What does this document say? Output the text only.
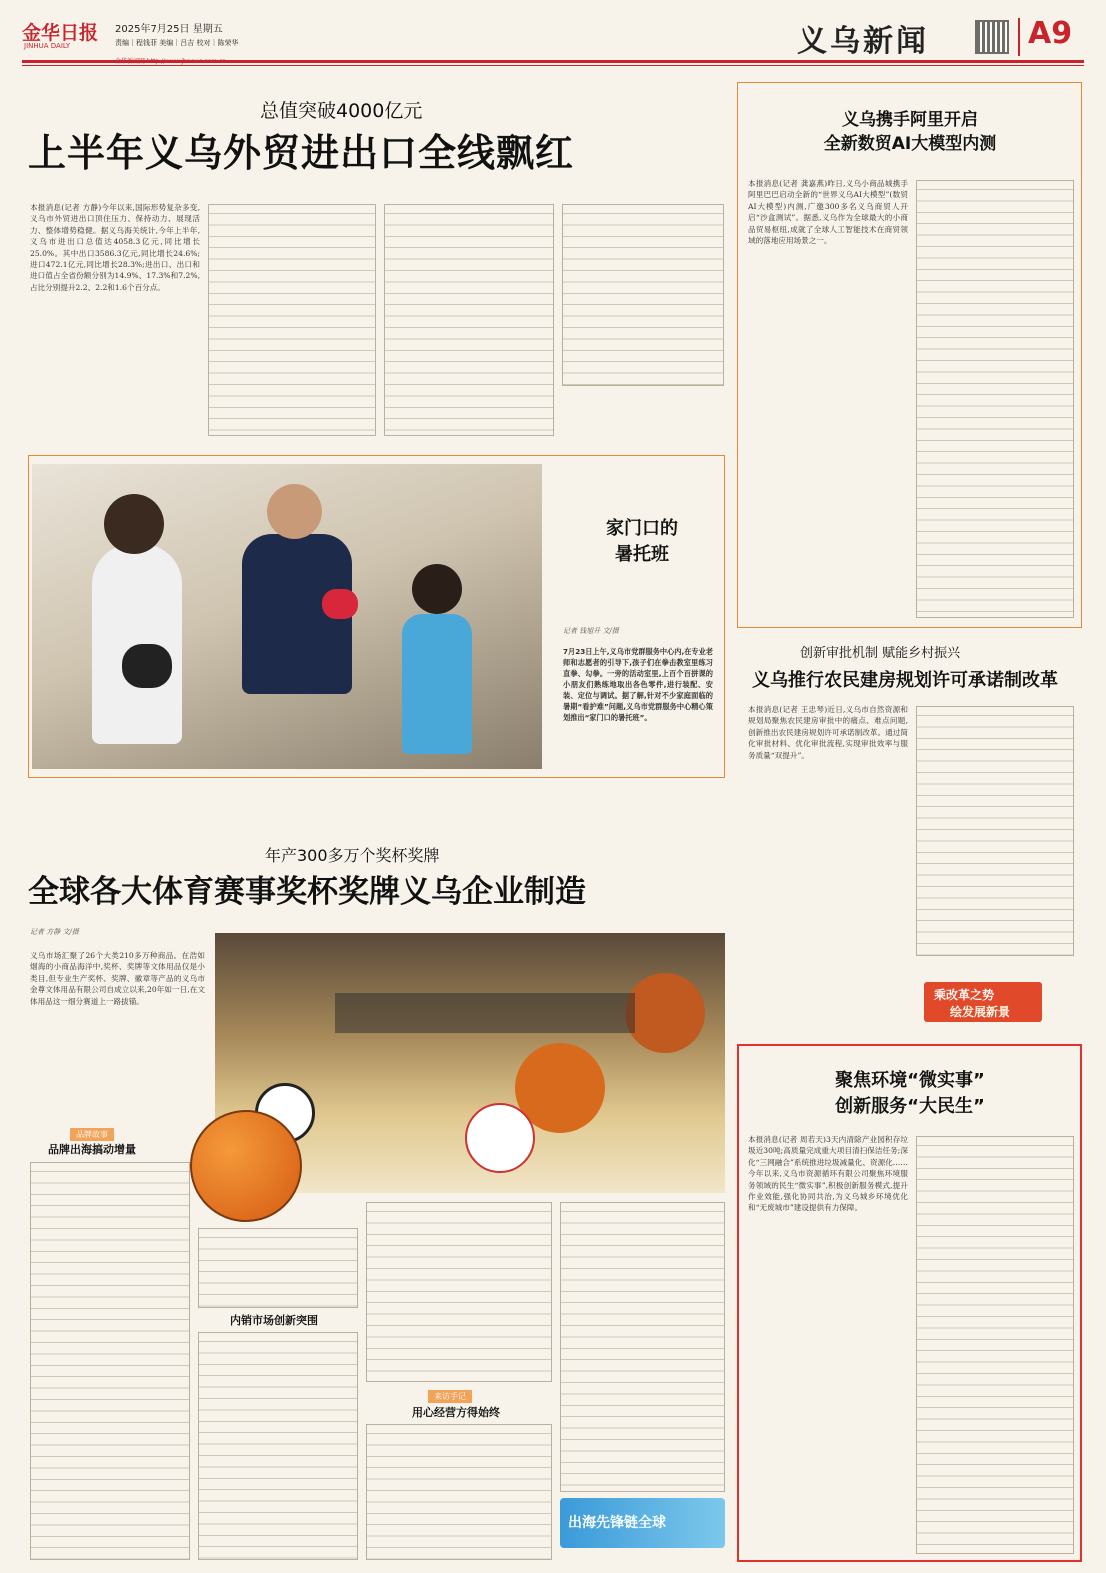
金华日报
JINHUA DAILY
2025年7月25日 星期五
责编｜程钱菲 美编｜吕吉 校对｜陈荣华	义乌新闻	A9
总值突破4000亿元
上半年义乌外贸进出口全线飘红
本报消息(记者 方静)今年以来,国际形势复杂多变,义乌市外贸进出口顶住压力、保持动力、展现活力、整体增势稳健。据义乌海关统计,今年上半年,义乌市进出口总值达4058.3亿元,同比增长25.0%。其中出口3586.3亿元,同比增长24.6%;进口472.1亿元,同比增长28.3%;进出口、出口和进口值占全省份额分别为14.9%、17.3%和7.2%,占比分别提升2.2、2.2和1.6个百分点。
家门口的
暑托班
记者 钱旭升 文/摄
7月23日上午,义乌市党群服务中心内,在专业老师和志愿者的引导下,孩子们在拳击教室里练习直拳、勾拳。一旁的活动室里,上百个百拼课的小朋友们熟练地取出各色零件,进行装配、安装、定位与调试。据了解,针对不少家庭面临的暑期“看护难”问题,义乌市党群服务中心精心策划推出“家门口的暑托班”。
年产300多万个奖杯奖牌
全球各大体育赛事奖杯奖牌义乌企业制造
记者 方静 文/摄
义乌市场汇聚了26个大类210多万种商品。在浩如烟海的小商品海洋中,奖杯、奖牌等文体用品仅是小类目,但专业生产奖杯、奖牌、徽章等产品的义乌市金尊文体用品有限公司自成立以来,20年如一日,在文体用品这一细分赛道上一路拔锚。
品牌故事
品牌出海搞动增量
内销市场创新突围
来访手记
用心经营方得始终
出海先锋链全球
义乌携手阿里开启
全新数贸AI大模型内测
本报消息(记者 龚嘉燕)昨日,义乌小商品城携手阿里巴巴启动全新的“世界义乌AI大模型”(数贸AI大模型)内测,广邀300多名义乌商贸人开启“沙盒测试”。据悉,义乌作为全球最大的小商品贸易枢纽,成就了全球人工智能技术在商贸领域的落地应用场景之一。
创新审批机制 赋能乡村振兴
义乌推行农民建房规划许可承诺制改革
本报消息(记者 王忠琴)近日,义乌市自然资源和规划局聚焦农民建房审批中的痛点、难点问题,创新推出农民建房规划许可承诺制改革。通过简化审批材料、优化审批流程,实现审批效率与服务质量“双提升”。
乘改革之势
绘发展新景
聚焦环境“微实事”
创新服务“大民生”
本报消息(记者 周若天)3天内清除产业园积存垃圾近30吨;高质量完成重大项目清扫保洁任务;深化“三网融合”系统推进垃圾减量化、资源化……今年以来,义乌市资源循环有限公司聚焦环境服务领域的民生“微实事”,积极创新服务模式,提升作业效能,强化协同共治,为义乌城乡环境优化和“无废城市”建设提供有力保障。
